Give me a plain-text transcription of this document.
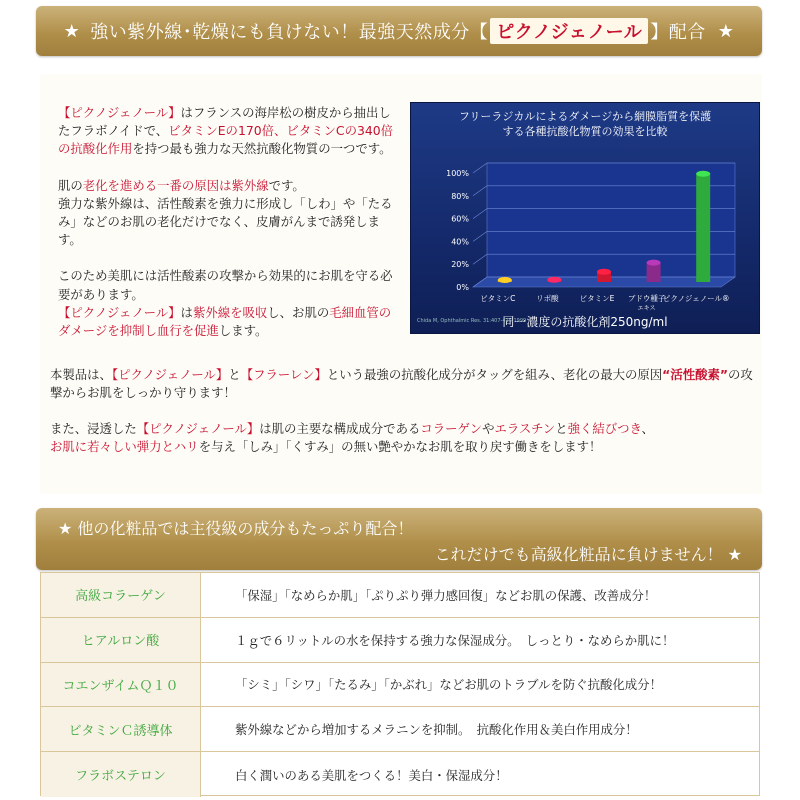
★ 強い紫外線･乾燥にも負けない！最強天然成分 【 ピクノジェノール 】 配合 ★

【ピクノジェノール】はフランスの海岸松の樹皮から抽出したフラボノイドで、ビタミンEの170倍、ビタミンCの340倍の抗酸化作用を持つ最も強力な天然抗酸化物質の一つです。

肌の老化を進める一番の原因は紫外線です。
強力な紫外線は、活性酸素を強力に形成し「しわ」や「たるみ」などのお肌の老化だけでなく、皮膚がんまで誘発します。

このため美肌には活性酸素の攻撃から効果的にお肌を守る必要があります。
【ピクノジェノール】は紫外線を吸収し、お肌の毛細血管のダメージを抑制し血行を促進します。

フリーラジカルによるダメージから網膜脂質を保護
する各種抗酸化物質の効果を比較
0%
20%
40%
60%
80%
100%
ビタミンC	リポ酸	ビタミンE ブドウ種子
エキス
ピクノジェノール®
同一濃度の抗酸化剤250ng/ml
Chida M, Ophthalmic Res. 31:407-415,1999
本製品は、【ピクノジェノール】と【フラーレン】という最強の抗酸化成分がタッグを組み、老化の最大の原因“活性酸素”の攻撃からお肌をしっかり守ります！
また、浸透した【ピクノジェノール】は肌の主要な構成成分であるコラーゲンやエラスチンと強く結びつき、
お肌に若々しい弾力とハリを与え「しみ」「くすみ」の無い艶やかなお肌を取り戻す働きをします！
★ 他の化粧品では主役級の成分もたっぷり配合！
これだけでも高級化粧品に負けません！ ★
高級コラーゲン	「保湿」「なめらか肌」「ぷりぷり弾力感回復」などお肌の保護、改善成分！
ヒアルロン酸	１ｇで６リットルの水を保持する強力な保湿成分。　しっとり・なめらか肌に！
コエンザイムＱ１０	「シミ」「シワ」「たるみ」「かぶれ」などお肌のトラブルを防ぐ抗酸化成分！
ビタミンＣ誘導体	紫外線などから増加するメラニンを抑制。　抗酸化作用＆美白作用成分！
フラボステロン	白く潤いのある美肌をつくる！美白・保湿成分！
